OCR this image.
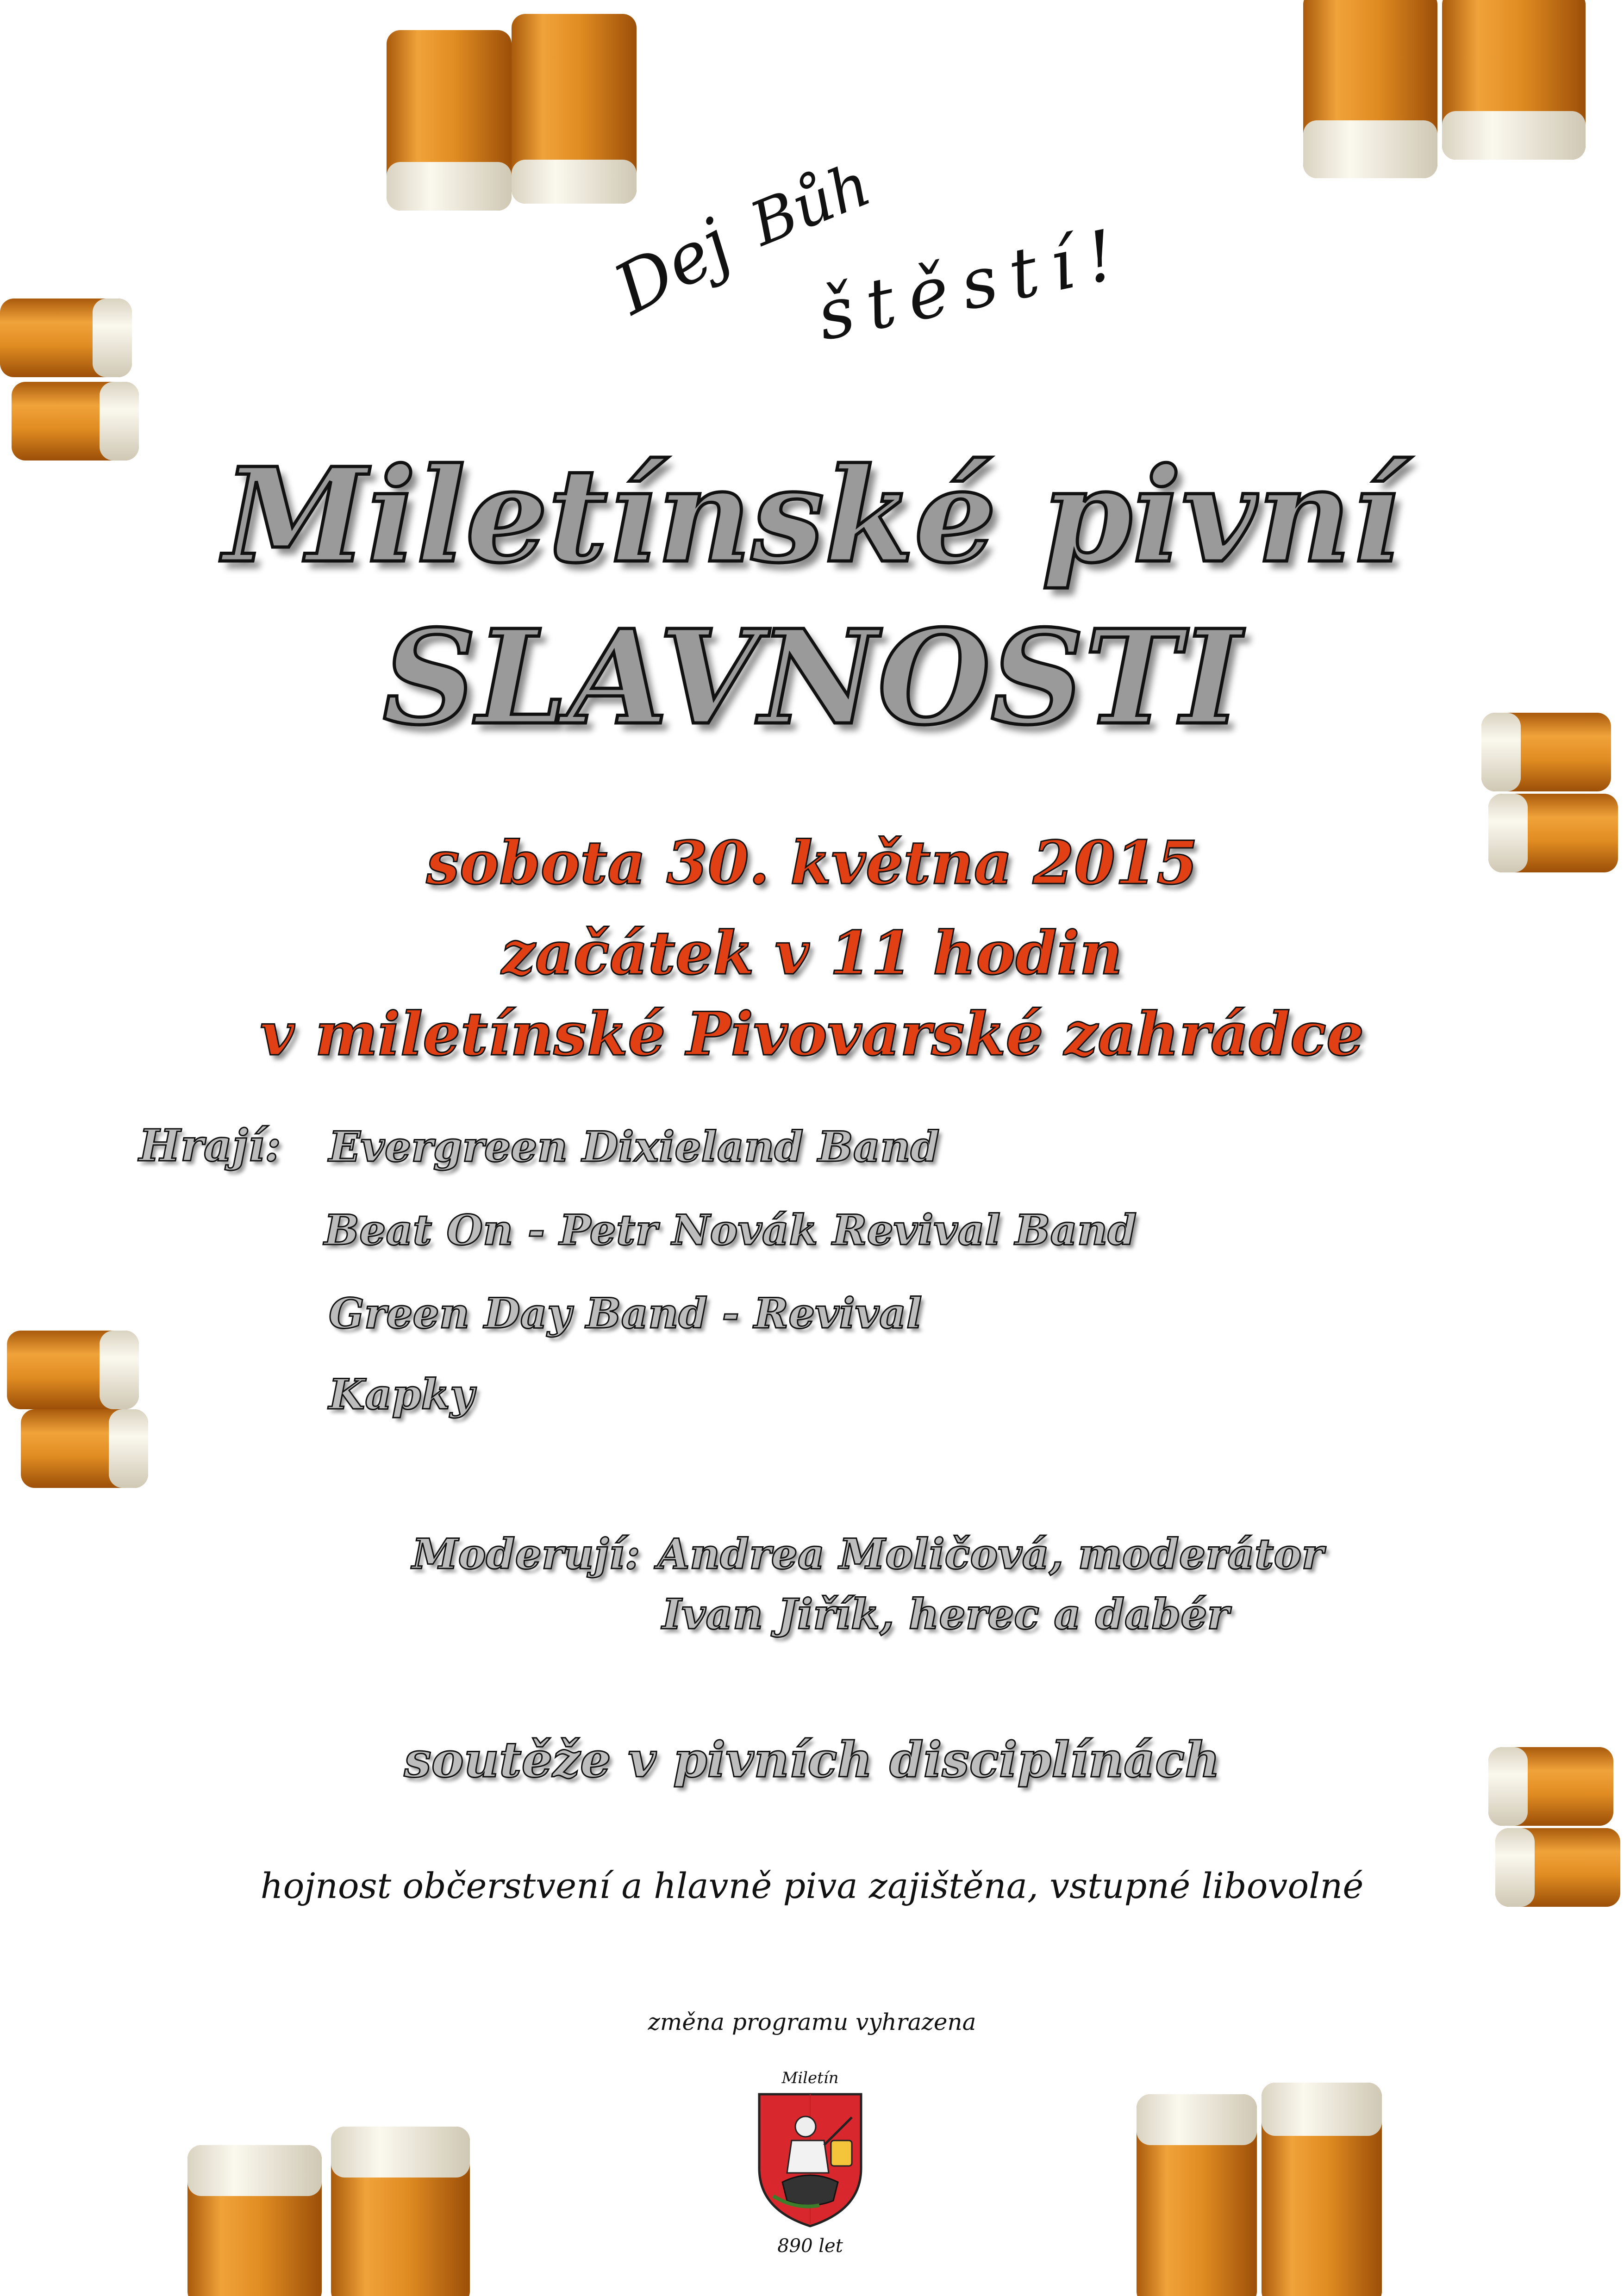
Dej
Bůh
štěstí!
Miletínské pivní
SLAVNOSTI
sobota 30. května 2015
začátek v 11 hodin
v miletínské Pivovarské zahrádce
Hrají: Evergreen Dixieland Band
Beat On - Petr Novák Revival Band
Green Day Band - Revival
Kapky
Moderují: Andrea Moličová, moderátor
Ivan Jiřík, herec a dabér
soutěže v pivních disciplínách
hojnost občerstvení a hlavně piva zajištěna, vstupné libovolné
změna programu vyhrazena
Miletín
890 let
